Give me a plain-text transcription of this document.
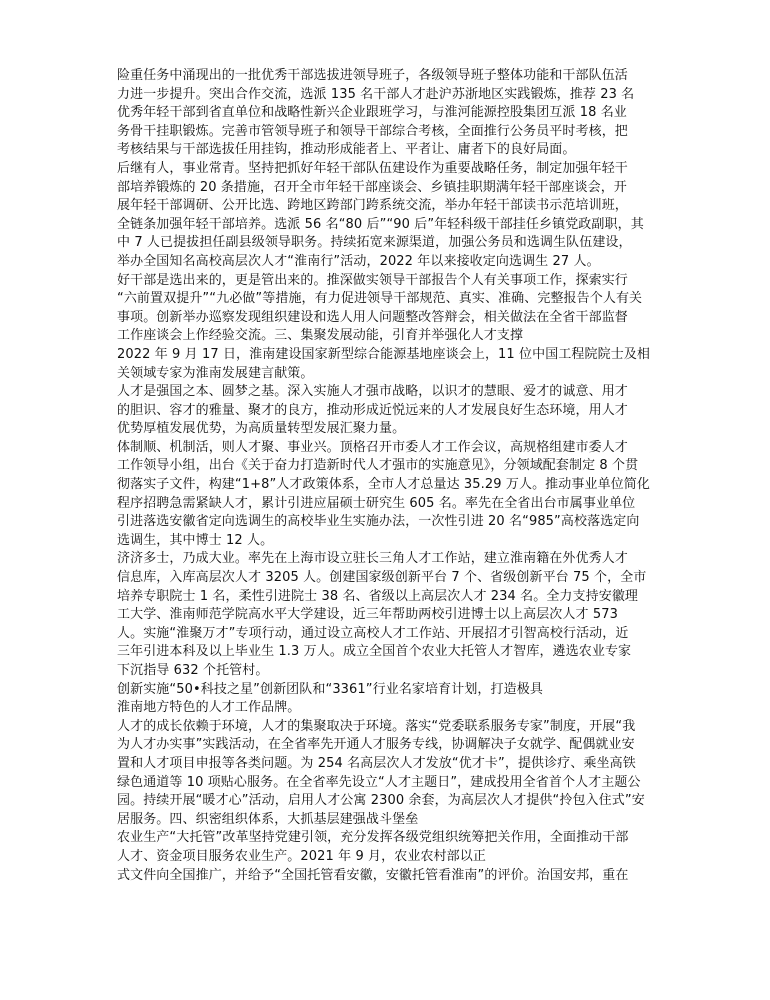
险重任务中涌现出的一批优秀干部选拔进领导班子，各级领导班子整体功能和干部队伍活
力进一步提升。突出合作交流，选派 135 名干部人才赴沪苏浙地区实践锻炼，推荐 23 名
优秀年轻干部到省直单位和战略性新兴企业跟班学习，与淮河能源控股集团互派 18 名业
务骨干挂职锻炼。完善市管领导班子和领导干部综合考核，全面推行公务员平时考核，把
考核结果与干部选拔任用挂钩，推动形成能者上、平者让、庸者下的良好局面。
后继有人，事业常青。坚持把抓好年轻干部队伍建设作为重要战略任务，制定加强年轻干
部培养锻炼的 20 条措施，召开全市年轻干部座谈会、乡镇挂职期满年轻干部座谈会，开
展年轻干部调研、公开比选、跨地区跨部门跨系统交流，举办年轻干部读书示范培训班，
全链条加强年轻干部培养。选派 56 名“80 后”“90 后”年轻科级干部挂任乡镇党政副职，其
中 7 人已提拔担任副县级领导职务。持续拓宽来源渠道，加强公务员和选调生队伍建设，
举办全国知名高校高层次人才“淮南行”活动，2022 年以来接收定向选调生 27 人。
好干部是选出来的，更是管出来的。推深做实领导干部报告个人有关事项工作，探索实行
“六前置双提升”“九必做”等措施，有力促进领导干部规范、真实、准确、完整报告个人有关
事项。创新举办巡察发现组织建设和选人用人问题整改答辩会，相关做法在全省干部监督
工作座谈会上作经验交流。三、集聚发展动能，引育并举强化人才支撑
2022 年 9 月 17 日，淮南建设国家新型综合能源基地座谈会上，11 位中国工程院院士及相
关领域专家为淮南发展建言献策。
人才是强国之本、圆梦之基。深入实施人才强市战略，以识才的慧眼、爱才的诚意、用才
的胆识、容才的雅量、聚才的良方，推动形成近悦远来的人才发展良好生态环境，用人才
优势厚植发展优势，为高质量转型发展汇聚力量。
体制顺、机制活，则人才聚、事业兴。顶格召开市委人才工作会议，高规格组建市委人才
工作领导小组，出台《关于奋力打造新时代人才强市的实施意见》，分领域配套制定 8 个贯
彻落实子文件，构建“1+8”人才政策体系，全市人才总量达 35.29 万人。推动事业单位简化
程序招聘急需紧缺人才，累计引进应届硕士研究生 605 名。率先在全省出台市属事业单位
引进落选安徽省定向选调生的高校毕业生实施办法，一次性引进 20 名“985”高校落选定向
选调生，其中博士 12 人。
济济多士，乃成大业。率先在上海市设立驻长三角人才工作站，建立淮南籍在外优秀人才
信息库，入库高层次人才 3205 人。创建国家级创新平台 7 个、省级创新平台 75 个，全市
培养专职院士 1 名，柔性引进院士 38 名、省级以上高层次人才 234 名。全力支持安徽理
工大学、淮南师范学院高水平大学建设，近三年帮助两校引进博士以上高层次人才 573
人。实施“淮聚万才”专项行动，通过设立高校人才工作站、开展招才引智高校行活动，近
三年引进本科及以上毕业生 1.3 万人。成立全国首个农业大托管人才智库，遴选农业专家
下沉指导 632 个托管村。
创新实施“50•科技之星”创新团队和“3361”行业名家培育计划，打造极具
淮南地方特色的人才工作品牌。
人才的成长依赖于环境，人才的集聚取决于环境。落实“党委联系服务专家”制度，开展“我
为人才办实事”实践活动，在全省率先开通人才服务专线，协调解决子女就学、配偶就业安
置和人才项目申报等各类问题。为 254 名高层次人才发放“优才卡”，提供诊疗、乘坐高铁
绿色通道等 10 项贴心服务。在全省率先设立“人才主题日”，建成投用全省首个人才主题公
园。持续开展“暖才心”活动，启用人才公寓 2300 余套，为高层次人才提供“拎包入住式”安
居服务。四、织密组织体系，大抓基层建强战斗堡垒
农业生产“大托管”改革坚持党建引领，充分发挥各级党组织统筹把关作用，全面推动干部
人才、资金项目服务农业生产。2021 年 9 月，农业农村部以正
式文件向全国推广，并给予“全国托管看安徽，安徽托管看淮南”的评价。治国安邦，重在
